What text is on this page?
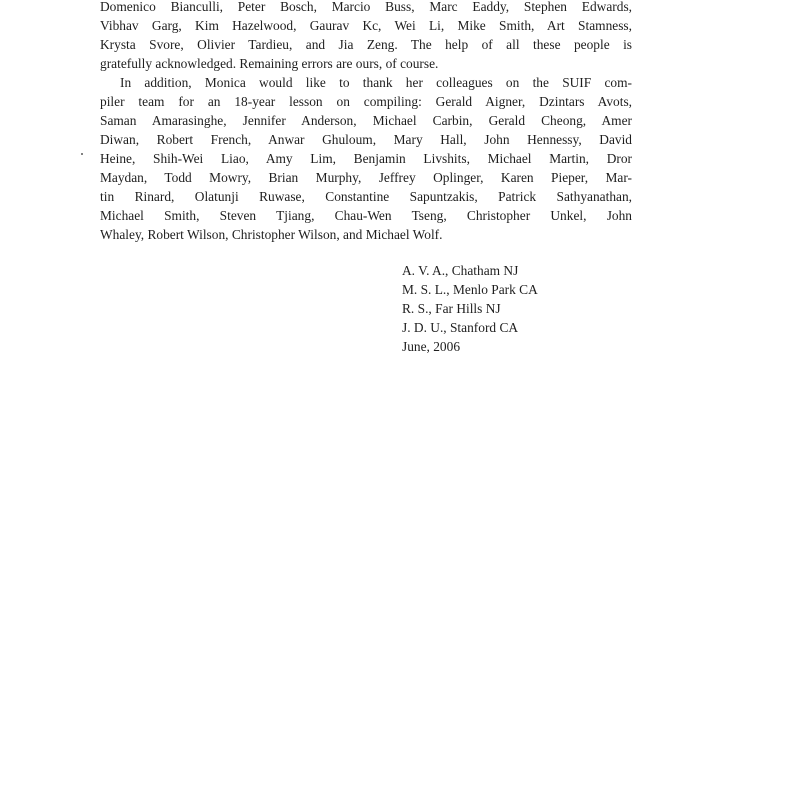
Domenico Bianculli, Peter Bosch, Marcio Buss, Marc Eaddy, Stephen Edwards,
Vibhav Garg, Kim Hazelwood, Gaurav Kc, Wei Li, Mike Smith, Art Stamness,
Krysta Svore, Olivier Tardieu, and Jia Zeng. The help of all these people is
gratefully acknowledged. Remaining errors are ours, of course.
In addition, Monica would like to thank her colleagues on the SUIF com-
piler team for an 18-year lesson on compiling: Gerald Aigner, Dzintars Avots,
Saman Amarasinghe, Jennifer Anderson, Michael Carbin, Gerald Cheong, Amer
Diwan, Robert French, Anwar Ghuloum, Mary Hall, John Hennessy, David
Heine, Shih-Wei Liao, Amy Lim, Benjamin Livshits, Michael Martin, Dror
Maydan, Todd Mowry, Brian Murphy, Jeffrey Oplinger, Karen Pieper, Mar-
tin Rinard, Olatunji Ruwase, Constantine Sapuntzakis, Patrick Sathyanathan,
Michael Smith, Steven Tjiang, Chau-Wen Tseng, Christopher Unkel, John
Whaley, Robert Wilson, Christopher Wilson, and Michael Wolf.
A. V. A., Chatham NJ
M. S. L., Menlo Park CA
R. S., Far Hills NJ
J. D. U., Stanford CA
June, 2006
